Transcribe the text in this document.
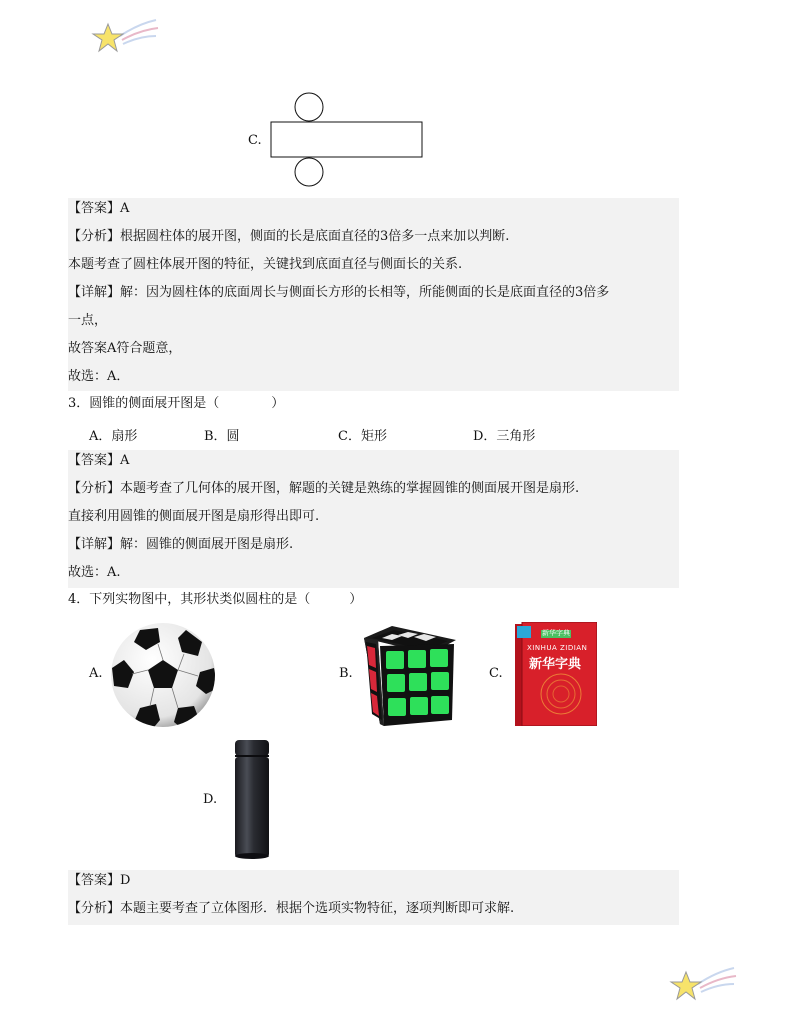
C.
【答案】A
【分析】根据圆柱体的展开图，侧面的长是底面直径的3倍多一点来加以判断.
本题考查了圆柱体展开图的特征，关键找到底面直径与侧面长的关系.
【详解】解：因为圆柱体的底面周长与侧面长方形的长相等，所能侧面的长是底面直径的3倍多
一点，
故答案A符合题意，
故选：A．
3．圆锥的侧面展开图是（　　　　）
A．扇形	B．圆	C．矩形	D．三角形
【答案】A
【分析】本题考查了几何体的展开图，解题的关键是熟练的掌握圆锥的侧面展开图是扇形.
直接利用圆锥的侧面展开图是扇形得出即可.
【详解】解：圆锥的侧面展开图是扇形.
故选：A.
4．下列实物图中，其形状类似圆柱的是（　　　）
A.	B.	C.
新华字典
XINHUA ZIDIAN
新华字典
D.
【答案】D
【分析】本题主要考查了立体图形．根据个选项实物特征，逐项判断即可求解.
